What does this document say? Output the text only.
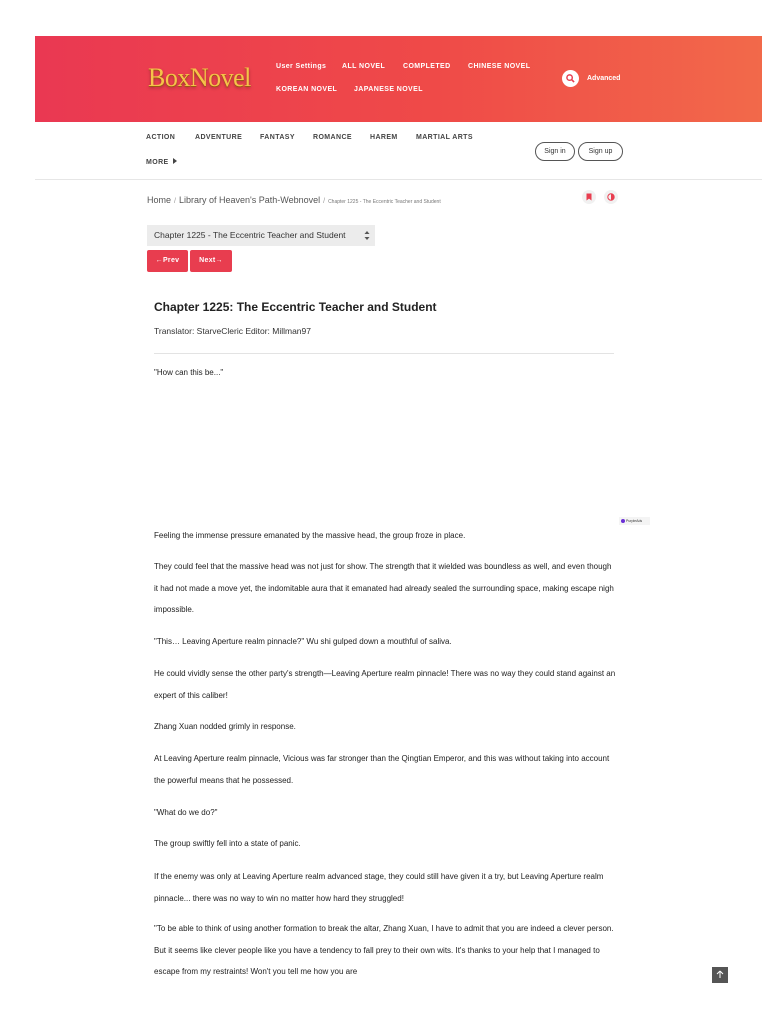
BoxNovel	User Settings ALL NOVEL	COMPLETED CHINESE NOVEL
KOREAN NOVEL JAPANESE NOVEL
Advanced
ACTION	ADVENTURE	FANTASY	ROMANCE	HAREM	MARTIAL ARTS
MORE
Sign in	Sign up
Home / Library of Heaven's Path-Webnovel / Chapter 1225 - The Eccentric Teacher and Student
Chapter 1225 - The Eccentric Teacher and Student
←Prev	Next→
Chapter 1225: The Eccentric Teacher and Student
Translator: StarveCleric Editor: Millman97
"How can this be..."
PurpleAds
Feeling the immense pressure emanated by the massive head, the group froze in place.
They could feel that the massive head was not just for show. The strength that it wielded was boundless as well, and even though it had not made a move yet, the indomitable aura that it emanated had already sealed the surrounding space, making escape nigh impossible.
"This… Leaving Aperture realm pinnacle?" Wu shi gulped down a mouthful of saliva.
He could vividly sense the other party's strength—Leaving Aperture realm pinnacle! There was no way they could stand against an expert of this caliber!
Zhang Xuan nodded grimly in response.
At Leaving Aperture realm pinnacle, Vicious was far stronger than the Qingtian Emperor, and this was without taking into account the powerful means that he possessed.
"What do we do?"
The group swiftly fell into a state of panic.
If the enemy was only at Leaving Aperture realm advanced stage, they could still have given it a try, but Leaving Aperture realm pinnacle... there was no way to win no matter how hard they struggled!
"To be able to think of using another formation to break the altar, Zhang Xuan, I have to admit that you are indeed a clever person. But it seems like clever people like you have a tendency to fall prey to their own wits. It's thanks to your help that I managed to escape from my restraints! Won't you tell me how you are
